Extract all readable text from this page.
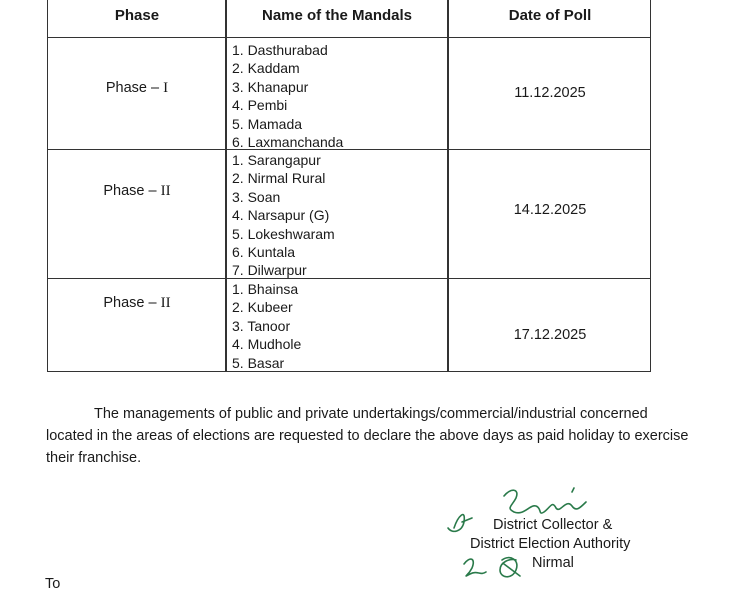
Phase	Name of the Mandals	Date of Poll
Phase – I
1. Dasthurabad
2. Kaddam
3. Khanapur
4. Pembi
5. Mamada
6. Laxmanchanda
11.12.2025
Phase – II
1. Sarangapur
2. Nirmal Rural
3. Soan
4. Narsapur (G)
5. Lokeshwaram
6. Kuntala
7. Dilwarpur
14.12.2025
Phase – II
1. Bhainsa
2. Kubeer
3. Tanoor
4. Mudhole
5. Basar
17.12.2025

The managements of public and private undertakings/commercial/industrial concerned located in the areas of elections are requested to declare the above days as paid holiday to exercise their franchise.

District Collector &
District Election Authority
Nirmal
To
